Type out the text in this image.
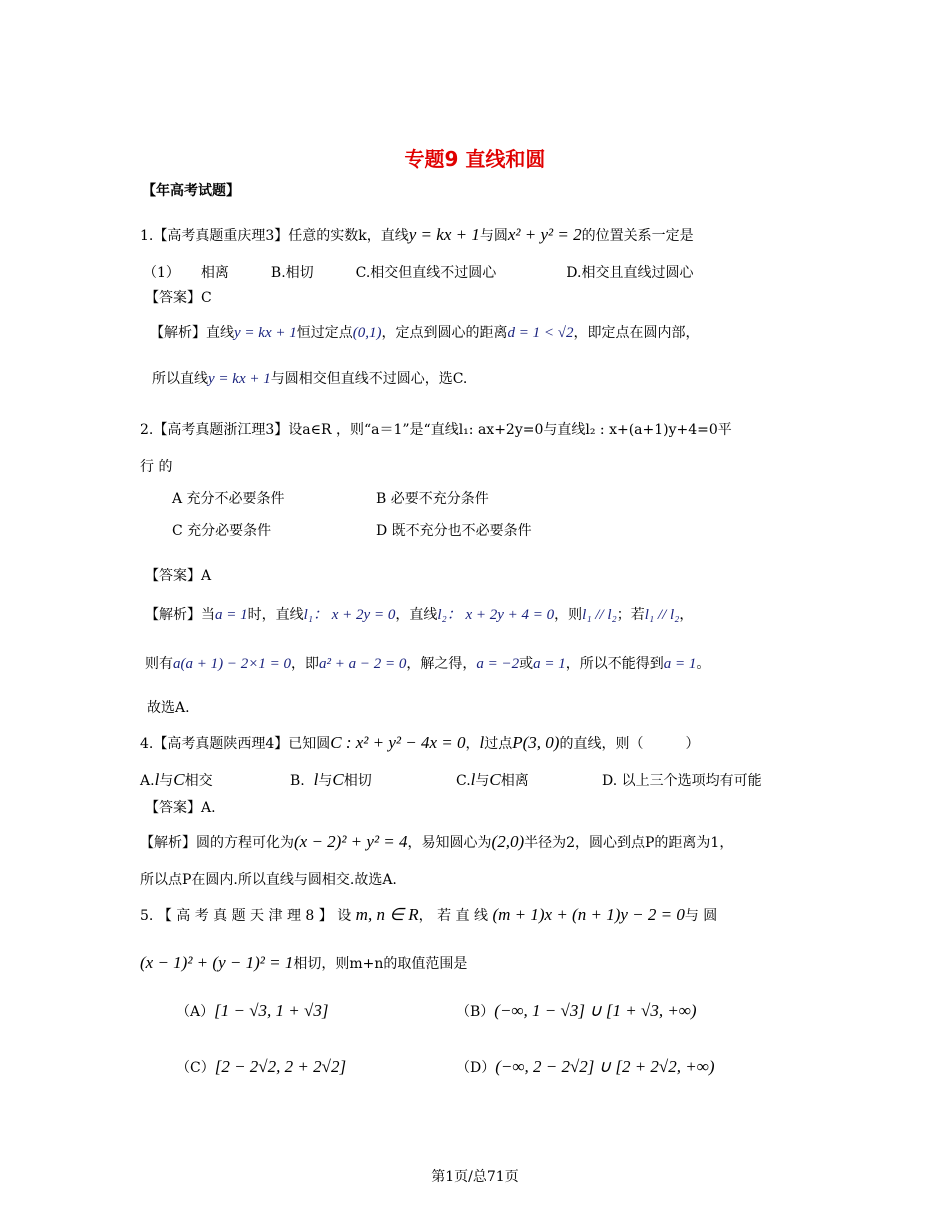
专题9 直线和圆
【年高考试题】
1.【高考真题重庆理3】任意的实数k，直线y = kx + 1与圆x² + y² = 2的位置关系一定是
（1）　　相离　　　B.相切　　　C.相交但直线不过圆心　　　　　D.相交且直线过圆心
【答案】C
【解析】直线y = kx + 1恒过定点(0,1)，定点到圆心的距离d = 1 < √2，即定点在圆内部，
所以直线y = kx + 1与圆相交但直线不过圆心，选C.
2.【高考真题浙江理3】设a∈R ，则“a＝1”是“直线l₁: ax+2y=0与直线l₂ : x+(a+1)y+4=0平
行 的
A 充分不必要条件	B 必要不充分条件
C 充分必要条件	D 既不充分也不必要条件
【答案】A
【解析】当a = 1时，直线l₁： x + 2y = 0，直线l₂： x + 2y + 4 = 0，则l₁ // l₂；若l₁ // l₂，
则有a(a + 1) − 2×1 = 0，即a² + a − 2 = 0，解之得，a = −2或a = 1，所以不能得到a = 1。
故选A.
4.【高考真题陕西理4】已知圆C : x² + y² − 4x = 0，l过点P(3, 0)的直线，则（　　　）
A.l与C相交	B. l与C相切	C.l与C相离	D. 以上三个选项均有可能
【答案】A.
【解析】圆的方程可化为(x − 2)² + y² = 4，易知圆心为(2,0)半径为2，圆心到点P的距离为1，
所以点P在圆内.所以直线与圆相交.故选A.
5. 【 高 考 真 题 天 津 理 8 】 设 m, n ∈ R， 若 直 线 (m + 1)x + (n + 1)y − 2 = 0与 圆
(x − 1)² + (y − 1)² = 1相切，则m+n的取值范围是
（A）[1 − √3, 1 + √3]	（B）(−∞, 1 − √3] ∪ [1 + √3, +∞)
（C）[2 − 2√2, 2 + 2√2]	（D）(−∞, 2 − 2√2] ∪ [2 + 2√2, +∞)
第1页/总71页
